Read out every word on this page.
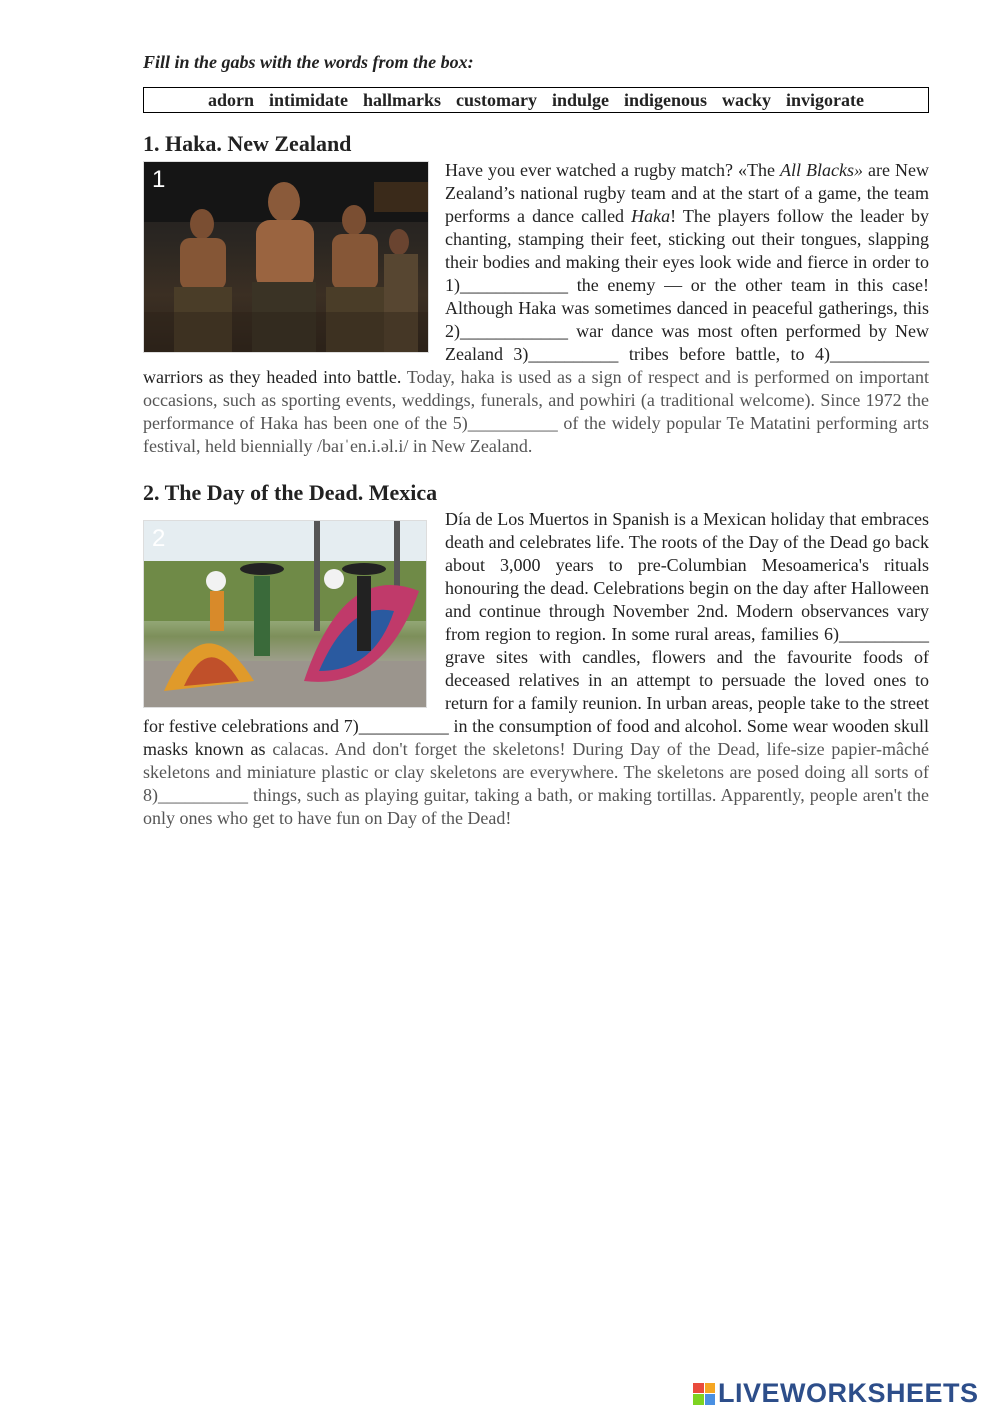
Fill in the gabs with the words from the box:

adorn intimidate hallmarks customary indulge indigenous wacky invigorate
1. Haka. New Zealand
1	Have you ever watched a rugby match? «The All Blacks» are New Zealand’s national rugby team and at the start of a game, the team performs a dance called Haka! The players follow the leader by chanting, stamping their feet, sticking out their tongues, slapping their bodies and making their eyes look wide and fierce in order to 1)____________ the enemy — or the other team in this case! Although Haka was sometimes danced in peaceful gatherings, this 2)____________ war dance was most often performed by New Zealand 3)__________ tribes before battle, to 4)___________ warriors as they headed into battle. Today, haka is used as a sign of respect and is performed on important occasions, such as sporting events, weddings, funerals, and powhiri (a traditional welcome). Since 1972 the performance of Haka has been one of the 5)__________ of the widely popular Te Matatini performing arts festival, held biennially /baɪˈen.i.əl.i/ in New Zealand.

2. The Day of the Dead. Mexica
2

Día de Los Muertos in Spanish is a Mexican holiday that embraces death and celebrates life. The roots of the Day of the Dead go back about 3,000 years to pre-Columbian Mesoamerica's rituals honouring the dead. Celebrations begin on the day after Halloween and continue through November 2nd. Modern observances vary from region to region. In some rural areas, families 6)__________ grave sites with candles, flowers and the favourite foods of deceased relatives in an attempt to persuade the loved ones to return for a family reunion. In urban areas, people take to the street for festive celebrations and 7)__________ in the consumption of food and alcohol. Some wear wooden skull masks known as calacas. And don't forget the skeletons! During Day of the Dead, life-size papier-mâché skeletons and miniature plastic or clay skeletons are everywhere. The skeletons are posed doing all sorts of 8)__________ things, such as playing guitar, taking a bath, or making tortillas. Apparently, people aren't the only ones who get to have fun on Day of the Dead!

LIVEWORKSHEETS
